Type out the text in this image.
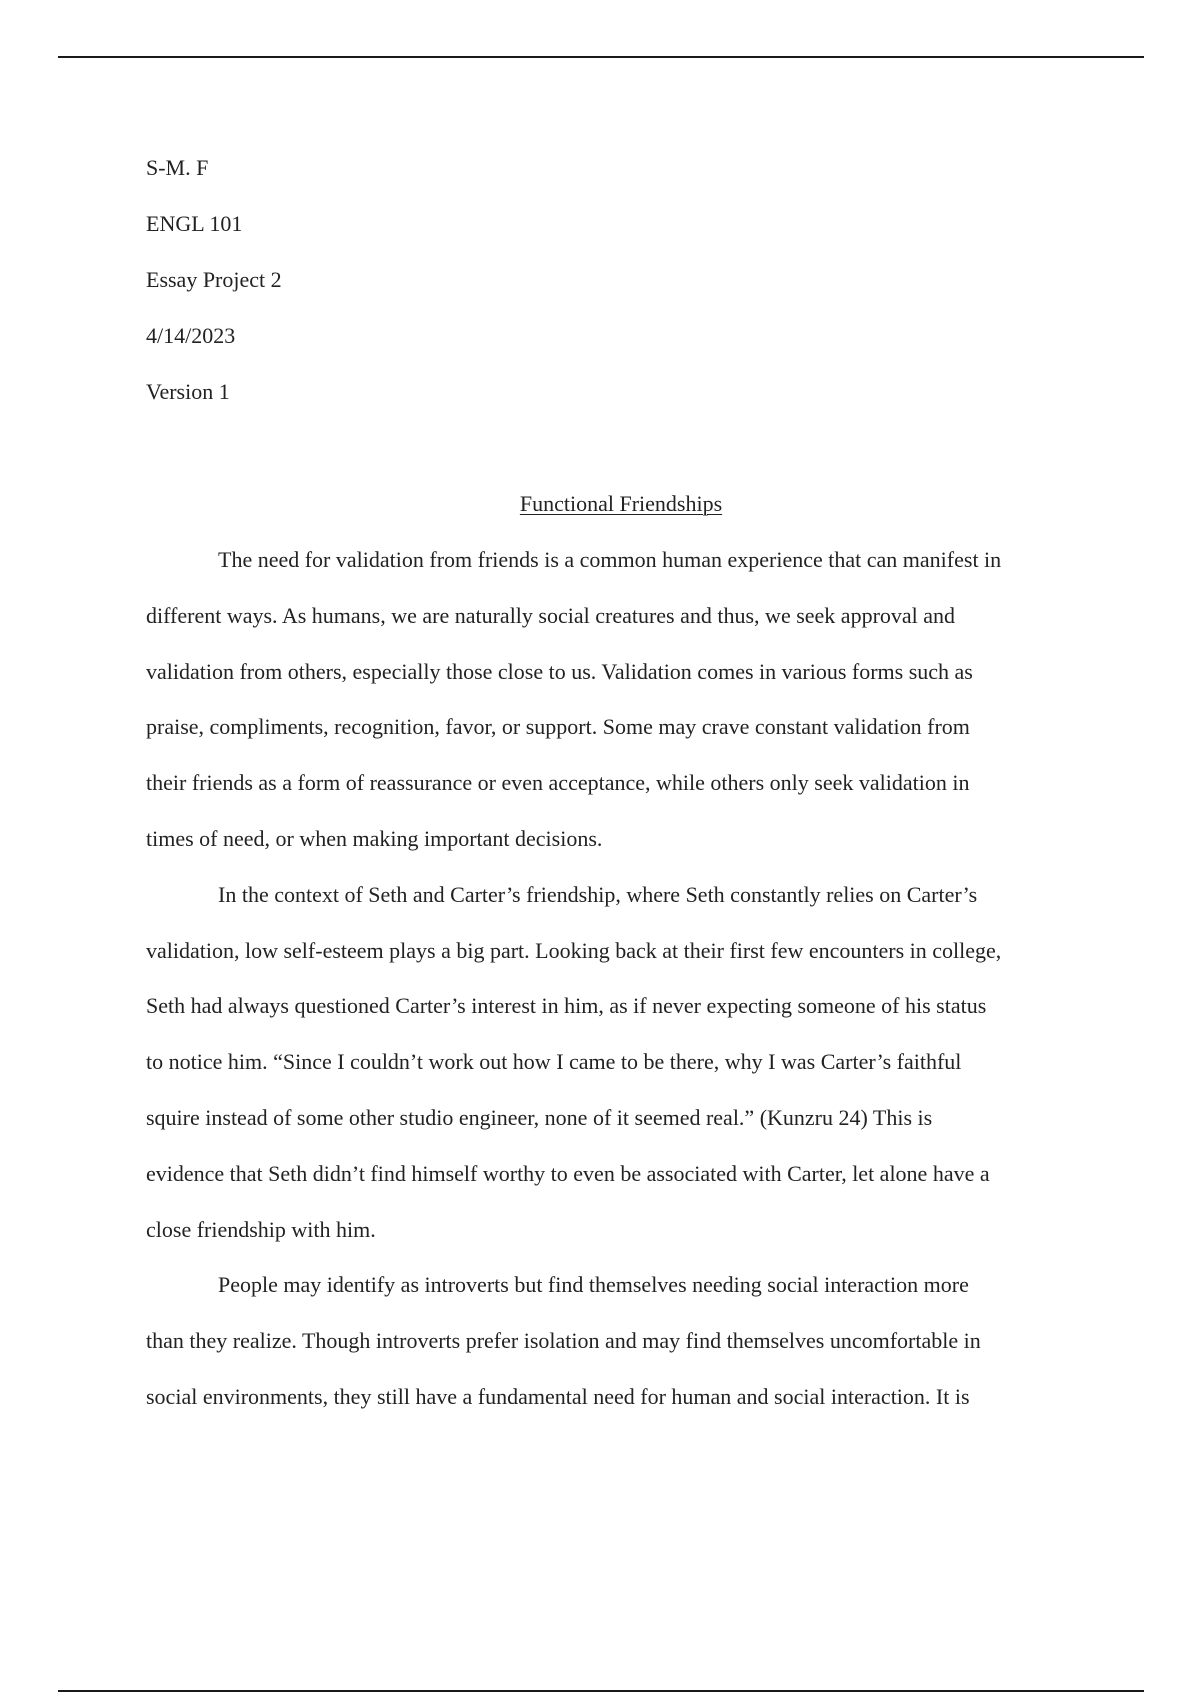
S-M. F
ENGL 101
Essay Project 2
4/14/2023
Version 1
Functional Friendships
The need for validation from friends is a common human experience that can manifest in
different ways. As humans, we are naturally social creatures and thus, we seek approval and
validation from others, especially those close to us. Validation comes in various forms such as
praise, compliments, recognition, favor, or support. Some may crave constant validation from
their friends as a form of reassurance or even acceptance, while others only seek validation in
times of need, or when making important decisions.
In the context of Seth and Carter’s friendship, where Seth constantly relies on Carter’s
validation, low self-esteem plays a big part. Looking back at their first few encounters in college,
Seth had always questioned Carter’s interest in him, as if never expecting someone of his status
to notice him. “Since I couldn’t work out how I came to be there, why I was Carter’s faithful
squire instead of some other studio engineer, none of it seemed real.” (Kunzru 24) This is
evidence that Seth didn’t find himself worthy to even be associated with Carter, let alone have a
close friendship with him.
People may identify as introverts but find themselves needing social interaction more
than they realize. Though introverts prefer isolation and may find themselves uncomfortable in
social environments, they still have a fundamental need for human and social interaction. It is
